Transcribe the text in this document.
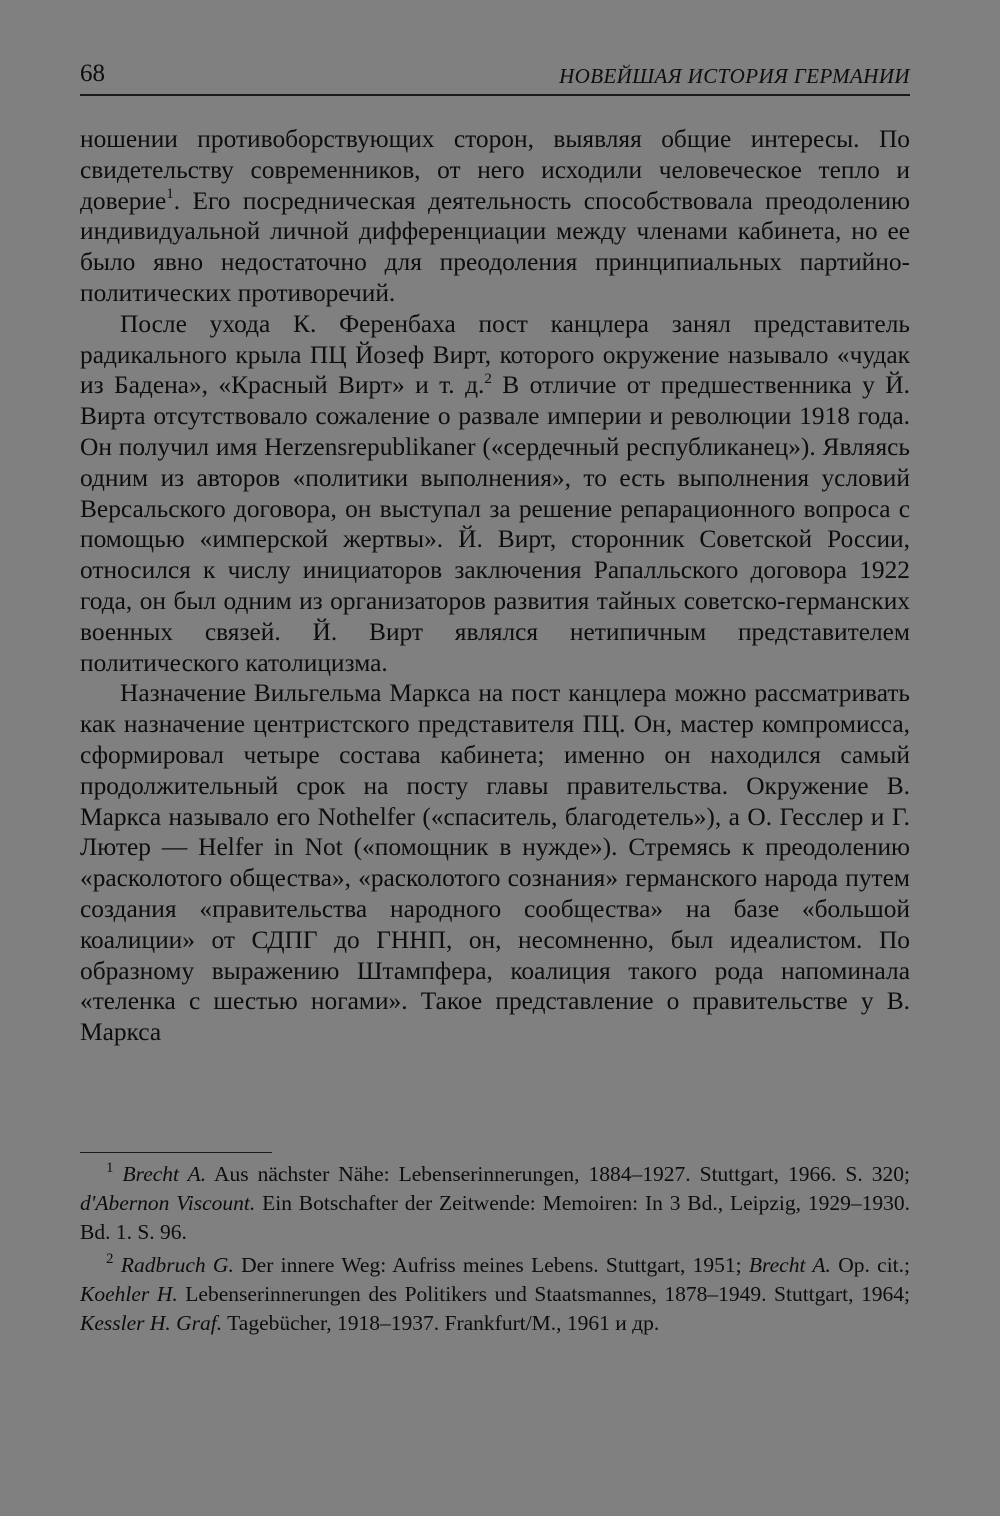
68	НОВЕЙШАЯ ИСТОРИЯ ГЕРМАНИИ

ношении противоборствующих сторон, выявляя общие интересы. По свидетельству современников, от него исходили человеческое тепло и доверие$^1$. Его посредническая деятельность способствовала преодолению индивидуальной личной дифференциации между членами кабинета, но ее было явно недостаточно для преодоления принципиальных партийно-политических противоречий.

После ухода К. Ференбаха пост канцлера занял представитель радикального крыла ПЦ Йозеф Вирт, которого окружение называло «чудак из Бадена», «Красный Вирт» и т. д.$^2$ В отличие от предшественника у Й. Вирта отсутствовало сожаление о развале империи и революции 1918 года. Он получил имя Herzensrepublikaner («сердечный республиканец»). Являясь одним из авторов «политики выполнения», то есть выполнения условий Версальского договора, он выступал за решение репарационного вопроса с помощью «имперской жертвы». Й. Вирт, сторонник Советской России, относился к числу инициаторов заключения Рапалльского договора 1922 года, он был одним из организаторов развития тайных советско-германских военных связей. Й. Вирт являлся нетипичным представителем политического католицизма.

Назначение Вильгельма Маркса на пост канцлера можно рассматривать как назначение центристского представителя ПЦ. Он, мастер компромисса, сформировал четыре состава кабинета; именно он находился самый продолжительный срок на посту главы правительства. Окружение В. Маркса называло его Nothelfer («спаситель, благодетель»), а О. Гесслер и Г. Лютер — Helfer in Not («помощник в нужде»). Стремясь к преодолению «расколотого общества», «расколотого сознания» германского народа путем создания «правительства народного сообщества» на базе «большой коалиции» от СДПГ до ГННП, он, несомненно, был идеалистом. По образному выражению Штампфера, коалиция такого рода напоминала «теленка с шестью ногами». Такое представление о правительстве у В. Маркса

$^1$ Brecht A. Aus nächster Nähe: Lebenserinnerungen, 1884–1927. Stuttgart, 1966. S. 320; d'Abernon Viscount. Ein Botschafter der Zeitwende: Memoiren: In 3 Bd., Leipzig, 1929–1930. Bd. 1. S. 96.

$^2$ Radbruch G. Der innere Weg: Aufriss meines Lebens. Stuttgart, 1951; Brecht A. Op. cit.; Koehler H. Lebenserinnerungen des Politikers und Staatsmannes, 1878–1949. Stuttgart, 1964; Kessler H. Graf. Tagebücher, 1918–1937. Frankfurt/M., 1961 и др.
